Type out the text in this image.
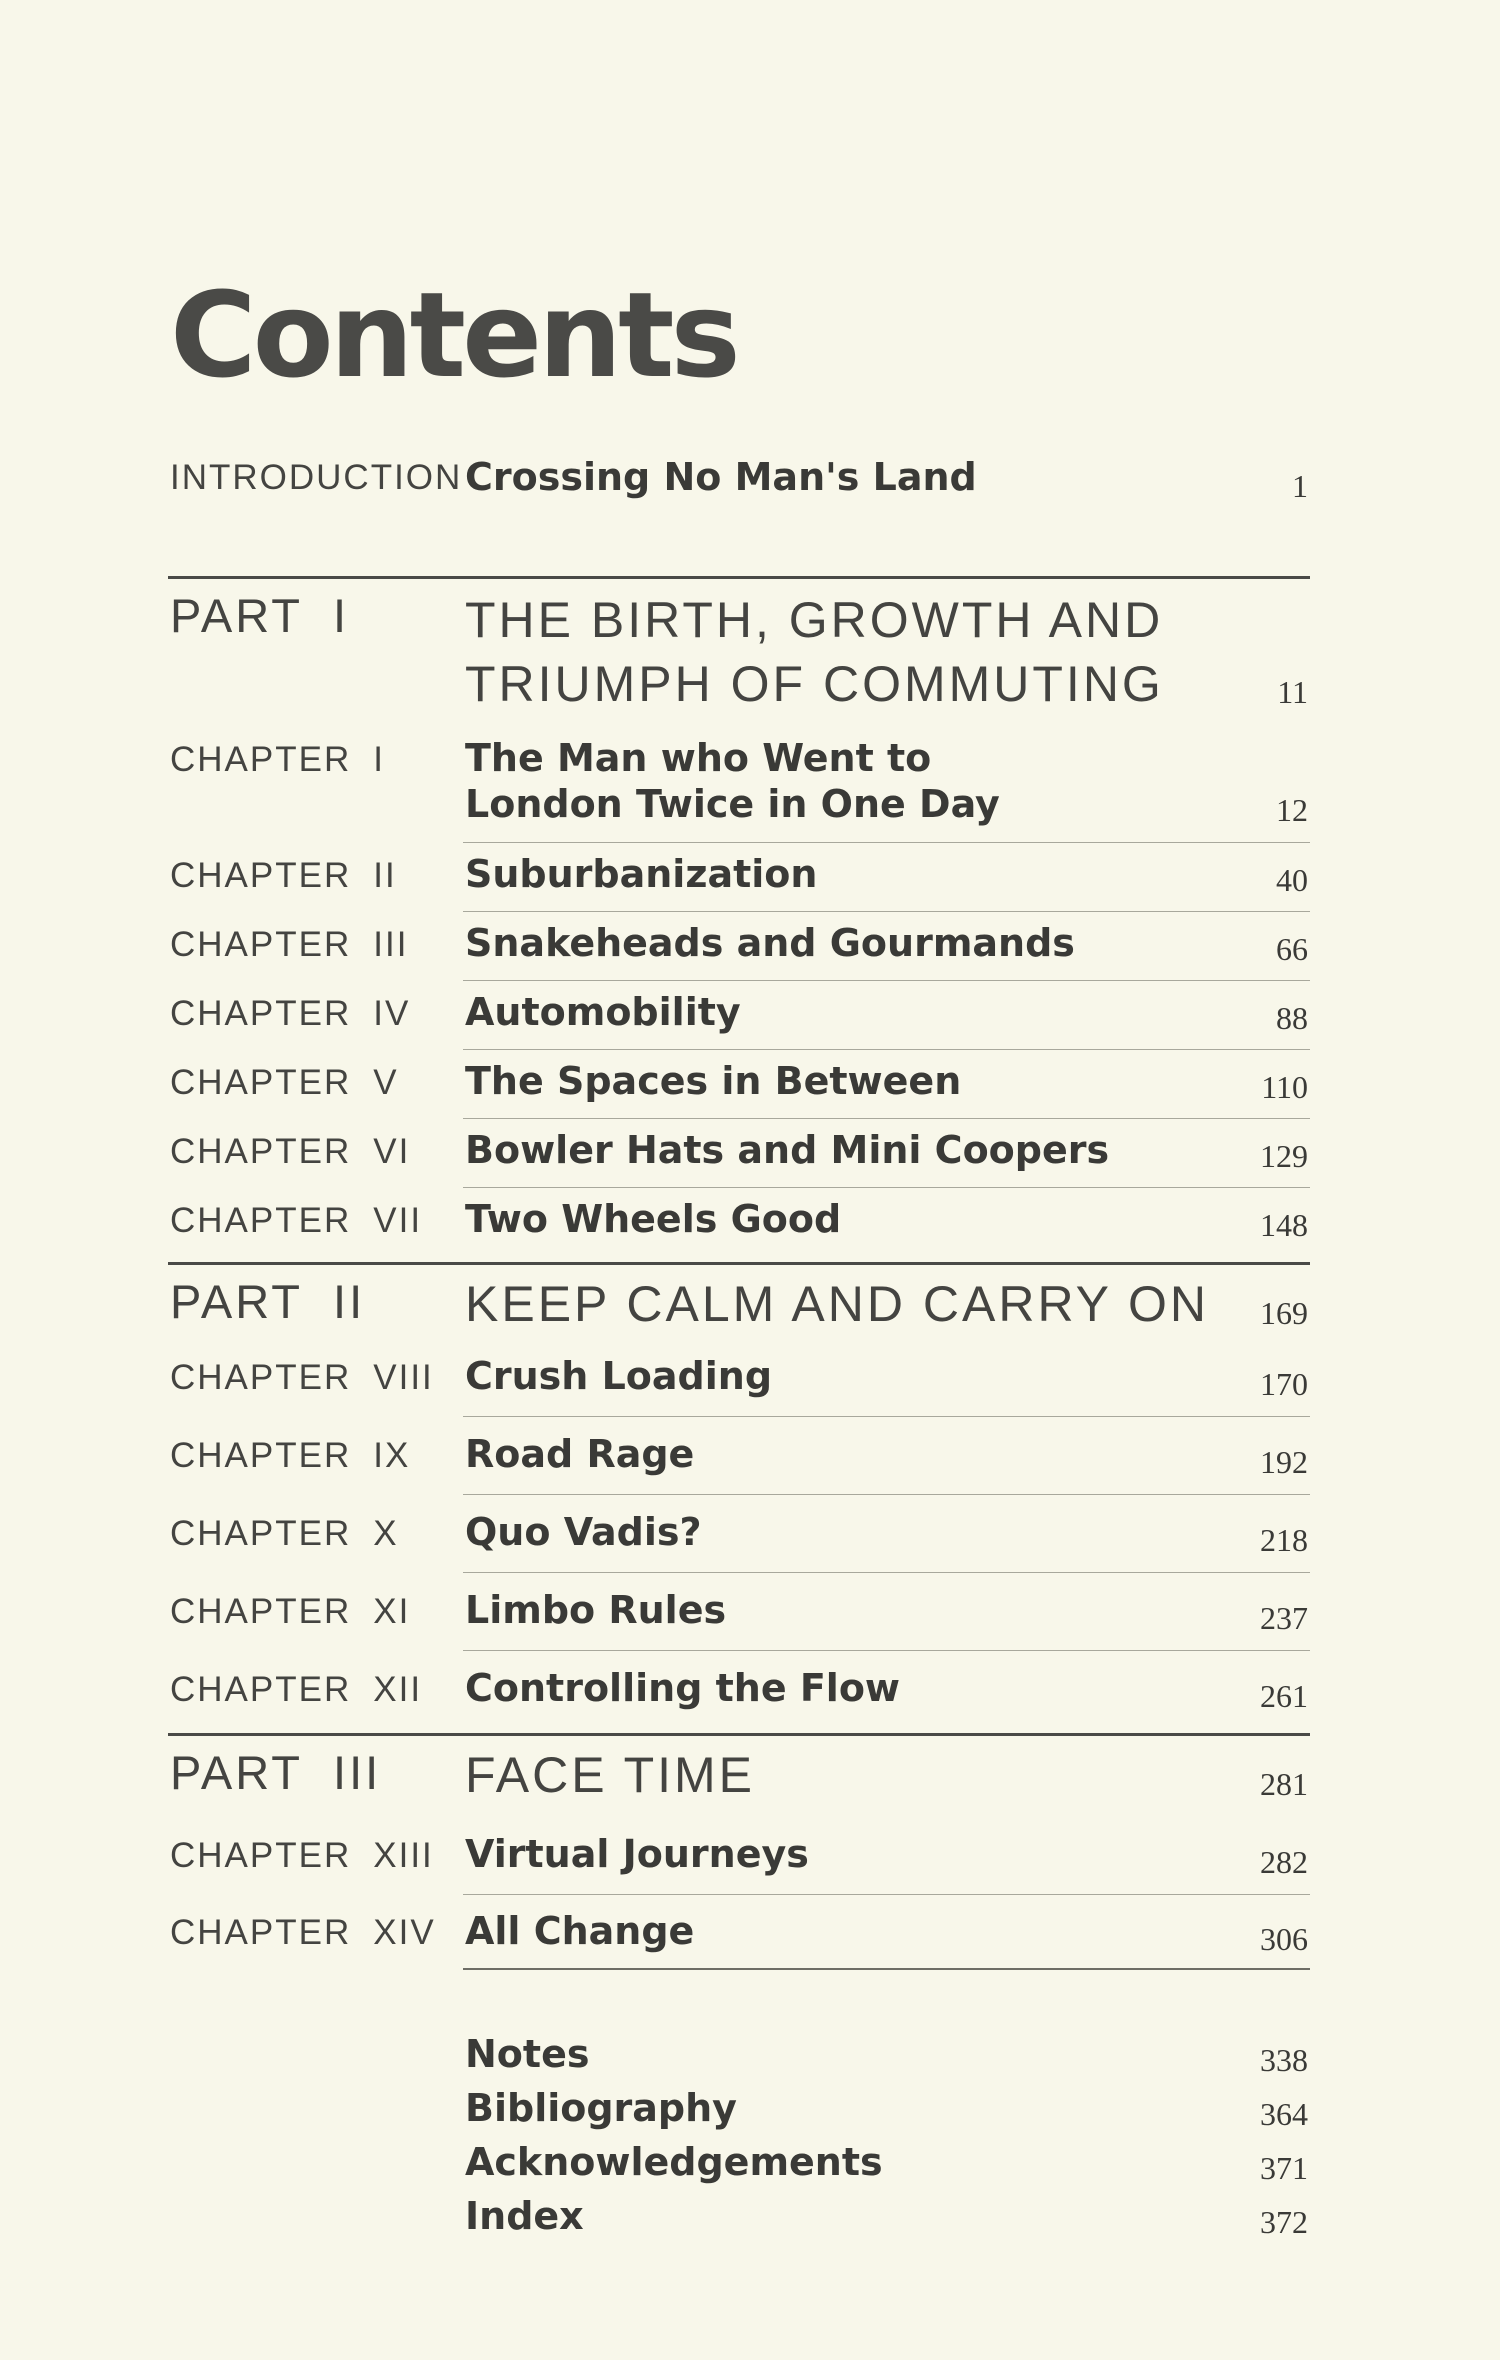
Contents
INTRODUCTION Crossing No Man's Land	1
PART I THE BIRTH, GROWTH AND
TRIUMPH OF COMMUTING	11
CHAPTER I The Man who Went to
London Twice in One Day	12
CHAPTER II Suburbanization	40
CHAPTER III Snakeheads and Gourmands	66
CHAPTER IV Automobility	88
CHAPTER V The Spaces in Between	110
CHAPTER VI Bowler Hats and Mini Coopers	129
CHAPTER VII Two Wheels Good	148
PART II KEEP CALM AND CARRY ON 169
CHAPTER VIII Crush Loading	170
CHAPTER IX Road Rage	192
CHAPTER X Quo Vadis?	218
CHAPTER XI Limbo Rules	237
CHAPTER XII Controlling the Flow	261
PART III FACE TIME	281
CHAPTER XIII Virtual Journeys	282
CHAPTER XIV All Change	306
Notes	338
Bibliography	364
Acknowledgements	371
Index	372
